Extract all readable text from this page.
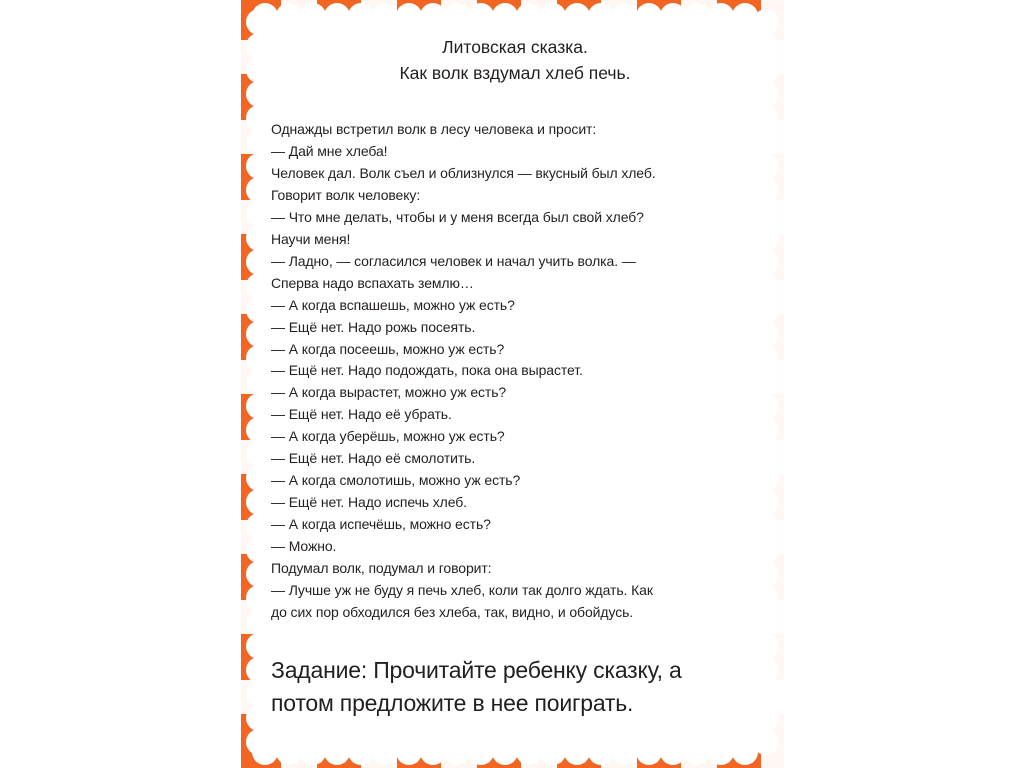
Литовская сказка.
Как волк вздумал хлеб печь.
Однажды встретил волк в лесу человека и просит:
— Дай мне хлеба!
Человек дал. Волк съел и облизнулся — вкусный был хлеб.
Говорит волк человеку:
— Что мне делать, чтобы и у меня всегда был свой хлеб?
Научи меня!
— Ладно, — согласился человек и начал учить волка. —
Сперва надо вспахать землю…
— А когда вспашешь, можно уж есть?
— Ещё нет. Надо рожь посеять.
— А когда посеешь, можно уж есть?
— Ещё нет. Надо подождать, пока она вырастет.
— А когда вырастет, можно уж есть?
— Ещё нет. Надо её убрать.
— А когда уберёшь, можно уж есть?
— Ещё нет. Надо её смолотить.
— А когда смолотишь, можно уж есть?
— Ещё нет. Надо испечь хлеб.
— А когда испечёшь, можно есть?
— Можно.
Подумал волк, подумал и говорит:
— Лучше уж не буду я печь хлеб, коли так долго ждать. Как
до сих пор обходился без хлеба, так, видно, и обойдусь.
Задание: Прочитайте ребенку сказку, а
потом предложите в нее поиграть.
